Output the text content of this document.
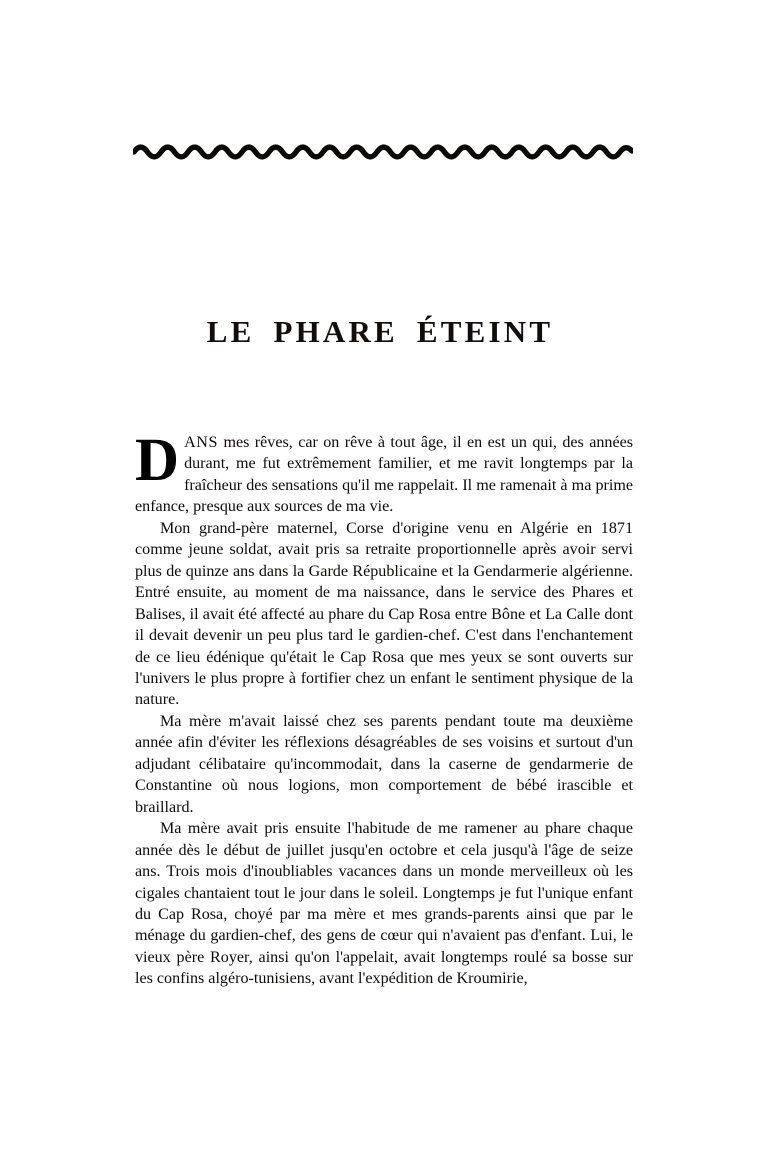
LE PHARE ÉTEINT

DANS mes rêves, car on rêve à tout âge, il en est un qui, des années durant, me fut extrêmement familier, et me ravit longtemps par la fraîcheur des sensations qu'il me rappelait. Il me ramenait à ma prime enfance, presque aux sources de ma vie.

Mon grand-père maternel, Corse d'origine venu en Algérie en 1871 comme jeune soldat, avait pris sa retraite proportionnelle après avoir servi plus de quinze ans dans la Garde Républicaine et la Gendarmerie algérienne. Entré ensuite, au moment de ma naissance, dans le service des Phares et Balises, il avait été affecté au phare du Cap Rosa entre Bône et La Calle dont il devait devenir un peu plus tard le gardien-chef. C'est dans l'enchantement de ce lieu édénique qu'était le Cap Rosa que mes yeux se sont ouverts sur l'univers le plus propre à fortifier chez un enfant le sentiment physique de la nature.

Ma mère m'avait laissé chez ses parents pendant toute ma deuxième année afin d'éviter les réflexions désagréables de ses voisins et surtout d'un adjudant célibataire qu'incommodait, dans la caserne de gendarmerie de Constantine où nous logions, mon comportement de bébé irascible et braillard.

Ma mère avait pris ensuite l'habitude de me ramener au phare chaque année dès le début de juillet jusqu'en octobre et cela jusqu'à l'âge de seize ans. Trois mois d'inoubliables vacances dans un monde merveilleux où les cigales chantaient tout le jour dans le soleil. Longtemps je fut l'unique enfant du Cap Rosa, choyé par ma mère et mes grands-parents ainsi que par le ménage du gardien-chef, des gens de cœur qui n'avaient pas d'enfant. Lui, le vieux père Royer, ainsi qu'on l'appelait, avait longtemps roulé sa bosse sur les confins algéro-tunisiens, avant l'expédition de Kroumirie,
